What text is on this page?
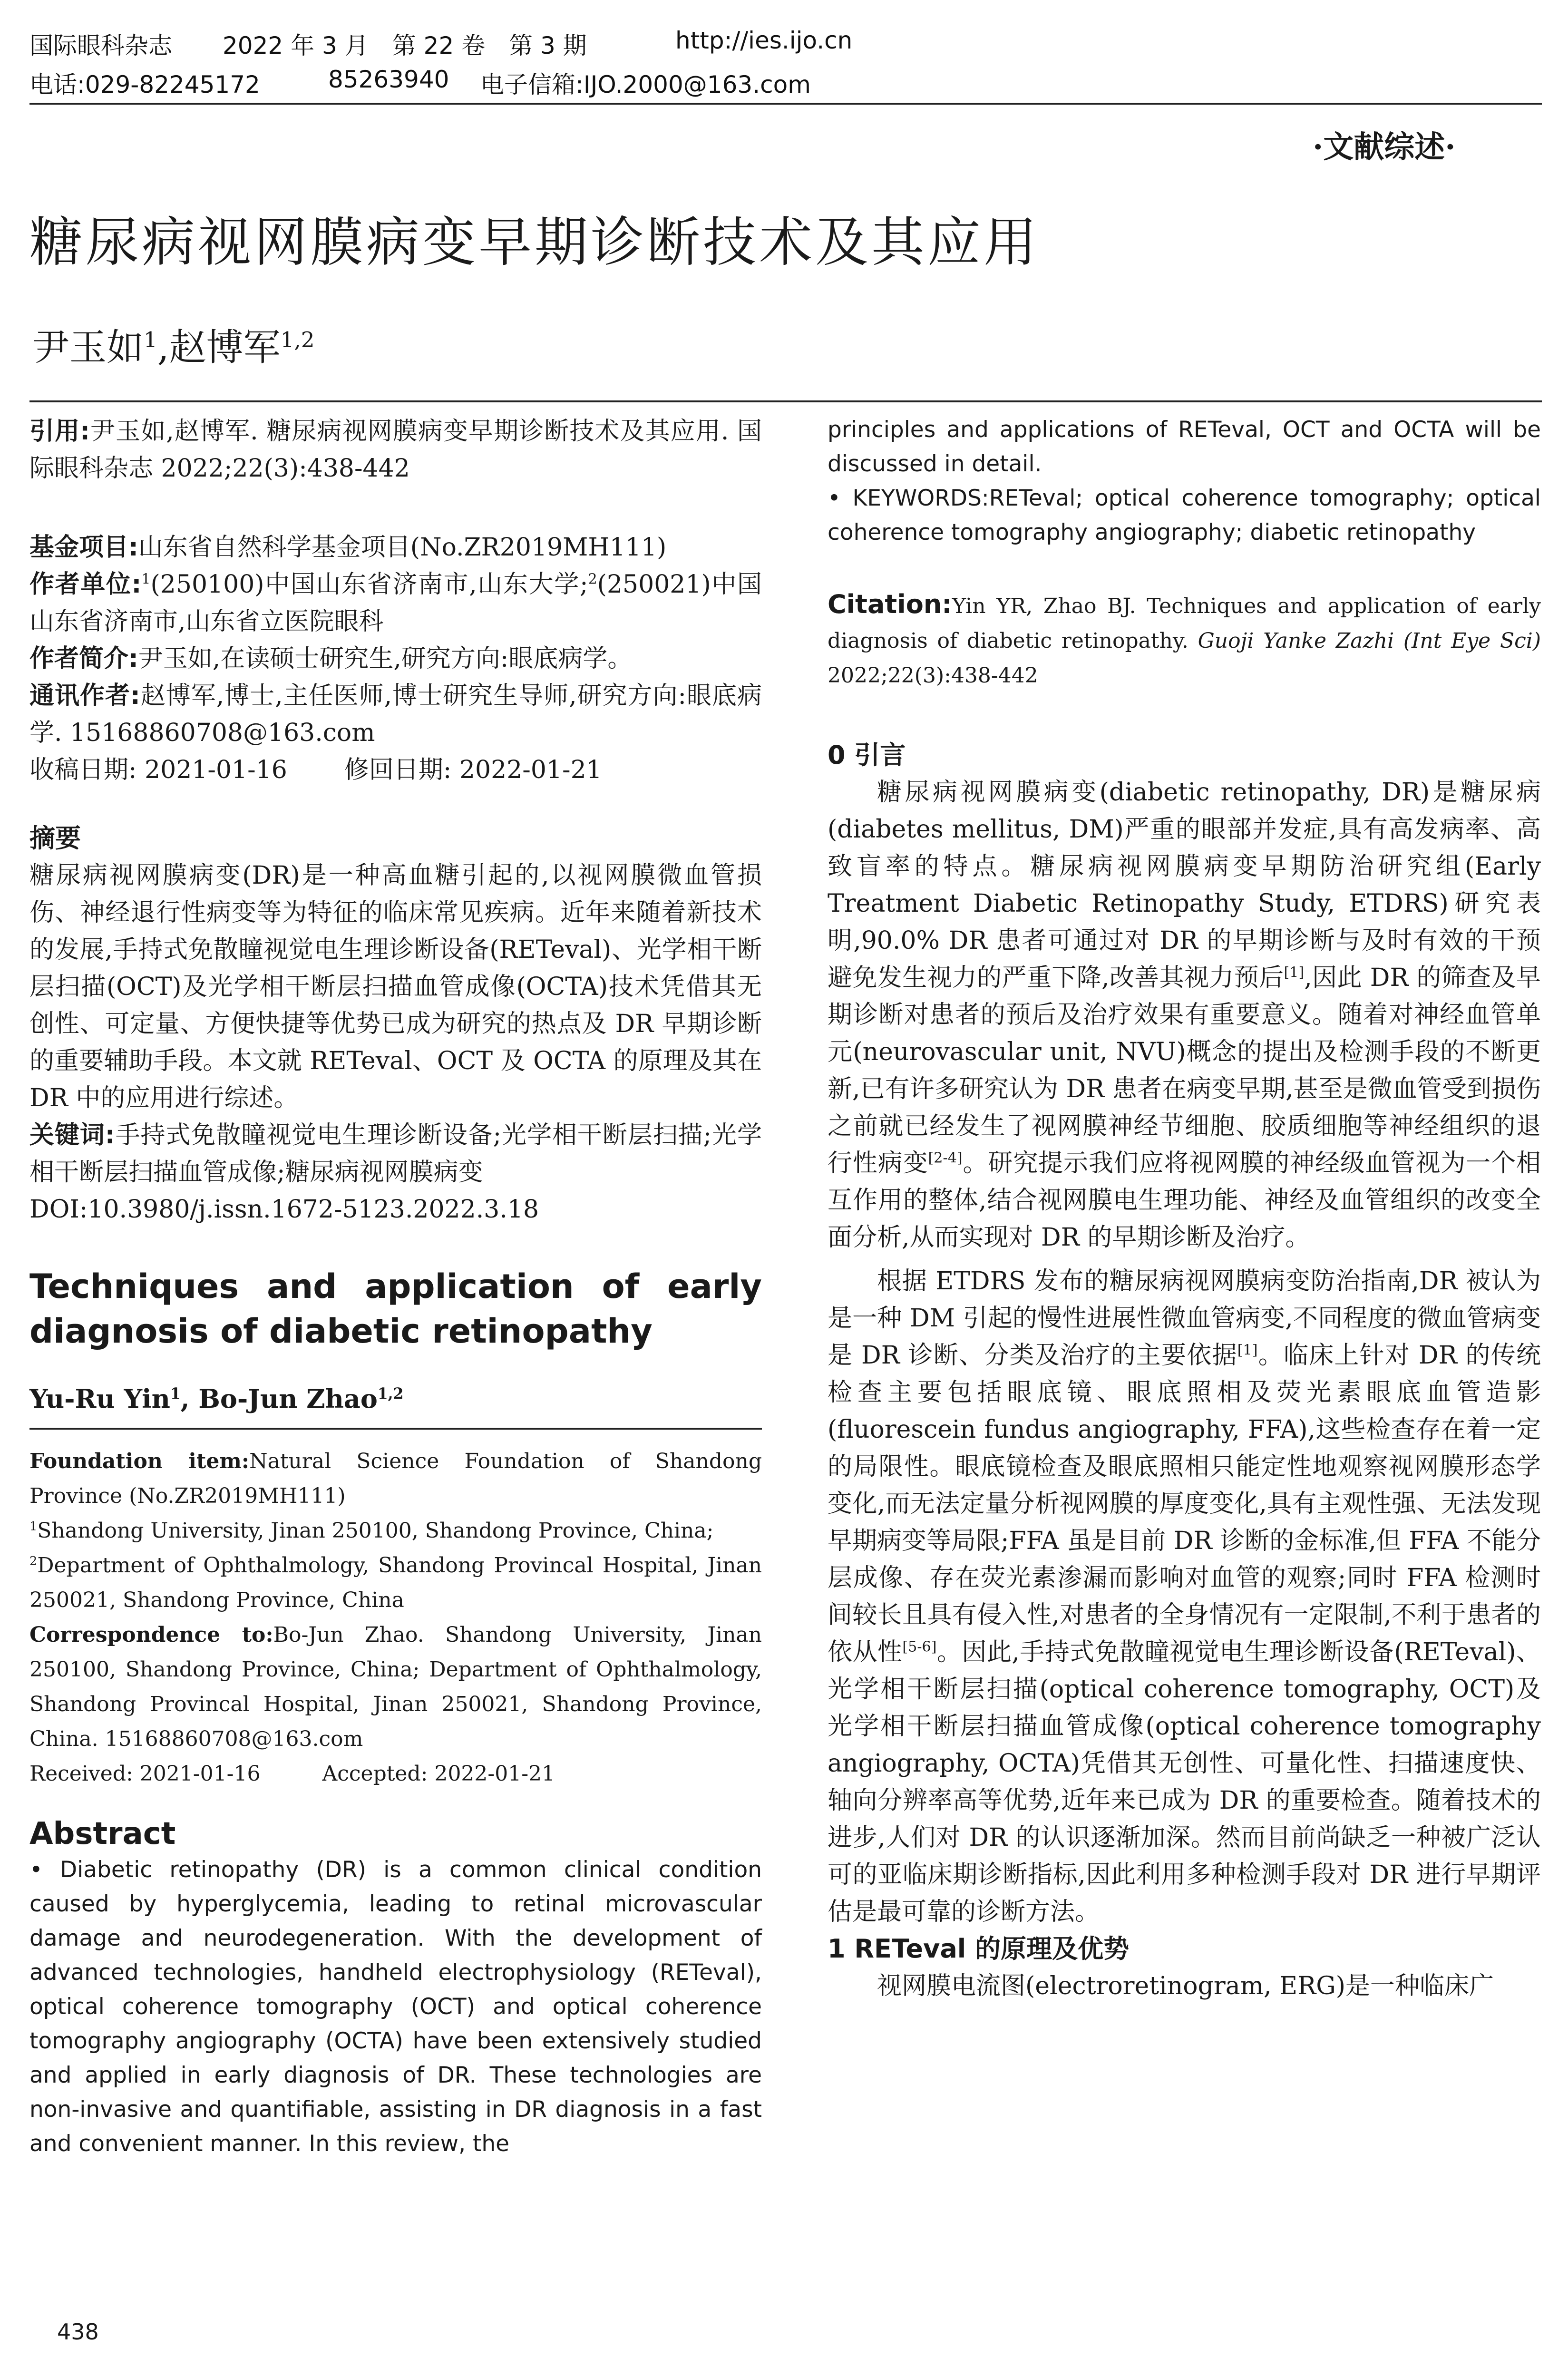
国际眼科杂志 2022 年 3 月　第 22 卷　第 3 期	http://ies.ijo.cn
电话:029-82245172	85263940 电子信箱:IJO.2000@163.com
·文献综述·
糖尿病视网膜病变早期诊断技术及其应用
尹玉如$^1$,赵博军$^{1,2}$
引用:尹玉如,赵博军. 糖尿病视网膜病变早期诊断技术及其应用. 国际眼科杂志 2022;22(3):438-442
基金项目:山东省自然科学基金项目(No.ZR2019MH111)
作者单位:$^1$(250100)中国山东省济南市,山东大学;$^2$(250021)中国山东省济南市,山东省立医院眼科
作者简介:尹玉如,在读硕士研究生,研究方向:眼底病学。
通讯作者:赵博军,博士,主任医师,博士研究生导师,研究方向:眼底病学. 15168860708@163.com
收稿日期: 2021-01-16 修回日期: 2022-01-21
摘要
糖尿病视网膜病变(DR)是一种高血糖引起的,以视网膜微血管损伤、神经退行性病变等为特征的临床常见疾病。近年来随着新技术的发展,手持式免散瞳视觉电生理诊断设备(RETeval)、光学相干断层扫描(OCT)及光学相干断层扫描血管成像(OCTA)技术凭借其无创性、可定量、方便快捷等优势已成为研究的热点及 DR 早期诊断的重要辅助手段。本文就 RETeval、OCT 及 OCTA 的原理及其在 DR 中的应用进行综述。
关键词:手持式免散瞳视觉电生理诊断设备;光学相干断层扫描;光学相干断层扫描血管成像;糖尿病视网膜病变
DOI:10.3980/j.issn.1672-5123.2022.3.18
Techniques and application of early diagnosis of diabetic retinopathy
Yu-Ru Yin$^1$, Bo-Jun Zhao$^{1,2}$
Foundation item:Natural Science Foundation of Shandong Province (No.ZR2019MH111)
$^1$Shandong University, Jinan 250100, Shandong Province, China;
$^2$Department of Ophthalmology, Shandong Provincal Hospital, Jinan 250021, Shandong Province, China
Correspondence to:Bo-Jun Zhao. Shandong University, Jinan 250100, Shandong Province, China; Department of Ophthalmology, Shandong Provincal Hospital, Jinan 250021, Shandong Province, China. 15168860708@163.com
Received: 2021-01-16	Accepted: 2022-01-21
Abstract
• Diabetic retinopathy (DR) is a common clinical condition caused by hyperglycemia, leading to retinal microvascular damage and neurodegeneration. With the development of advanced technologies, handheld electrophysiology (RETeval), optical coherence tomography (OCT) and optical coherence tomography angiography (OCTA) have been extensively studied and applied in early diagnosis of DR. These technologies are non-invasive and quantifiable, assisting in DR diagnosis in a fast and convenient manner. In this review, the
principles and applications of RETeval, OCT and OCTA will be discussed in detail.
• KEYWORDS:RETeval; optical coherence tomography; optical coherence tomography angiography; diabetic retinopathy
Citation:Yin YR, Zhao BJ. Techniques and application of early diagnosis of diabetic retinopathy. Guoji Yanke Zazhi (Int Eye Sci) 2022;22(3):438-442
0 引言
糖尿病视网膜病变(diabetic retinopathy, DR)是糖尿病(diabetes mellitus, DM)严重的眼部并发症,具有高发病率、高致盲率的特点。糖尿病视网膜病变早期防治研究组(Early Treatment Diabetic Retinopathy Study, ETDRS)研究表明,90.0% DR 患者可通过对 DR 的早期诊断与及时有效的干预避免发生视力的严重下降,改善其视力预后[1],因此 DR 的筛查及早期诊断对患者的预后及治疗效果有重要意义。随着对神经血管单元(neurovascular unit, NVU)概念的提出及检测手段的不断更新,已有许多研究认为 DR 患者在病变早期,甚至是微血管受到损伤之前就已经发生了视网膜神经节细胞、胶质细胞等神经组织的退行性病变[2-4]。研究提示我们应将视网膜的神经级血管视为一个相互作用的整体,结合视网膜电生理功能、神经及血管组织的改变全面分析,从而实现对 DR 的早期诊断及治疗。
根据 ETDRS 发布的糖尿病视网膜病变防治指南,DR 被认为是一种 DM 引起的慢性进展性微血管病变,不同程度的微血管病变是 DR 诊断、分类及治疗的主要依据[1]。临床上针对 DR 的传统检查主要包括眼底镜、眼底照相及荧光素眼底血管造影(fluorescein fundus angiography, FFA),这些检查存在着一定的局限性。眼底镜检查及眼底照相只能定性地观察视网膜形态学变化,而无法定量分析视网膜的厚度变化,具有主观性强、无法发现早期病变等局限;FFA 虽是目前 DR 诊断的金标准,但 FFA 不能分层成像、存在荧光素渗漏而影响对血管的观察;同时 FFA 检测时间较长且具有侵入性,对患者的全身情况有一定限制,不利于患者的依从性[5-6]。因此,手持式免散瞳视觉电生理诊断设备(RETeval)、光学相干断层扫描(optical coherence tomography, OCT)及光学相干断层扫描血管成像(optical coherence tomography angiography, OCTA)凭借其无创性、可量化性、扫描速度快、轴向分辨率高等优势,近年来已成为 DR 的重要检查。随着技术的进步,人们对 DR 的认识逐渐加深。然而目前尚缺乏一种被广泛认可的亚临床期诊断指标,因此利用多种检测手段对 DR 进行早期评估是最可靠的诊断方法。
1 RETeval 的原理及优势
视网膜电流图(electroretinogram, ERG)是一种临床广
438
